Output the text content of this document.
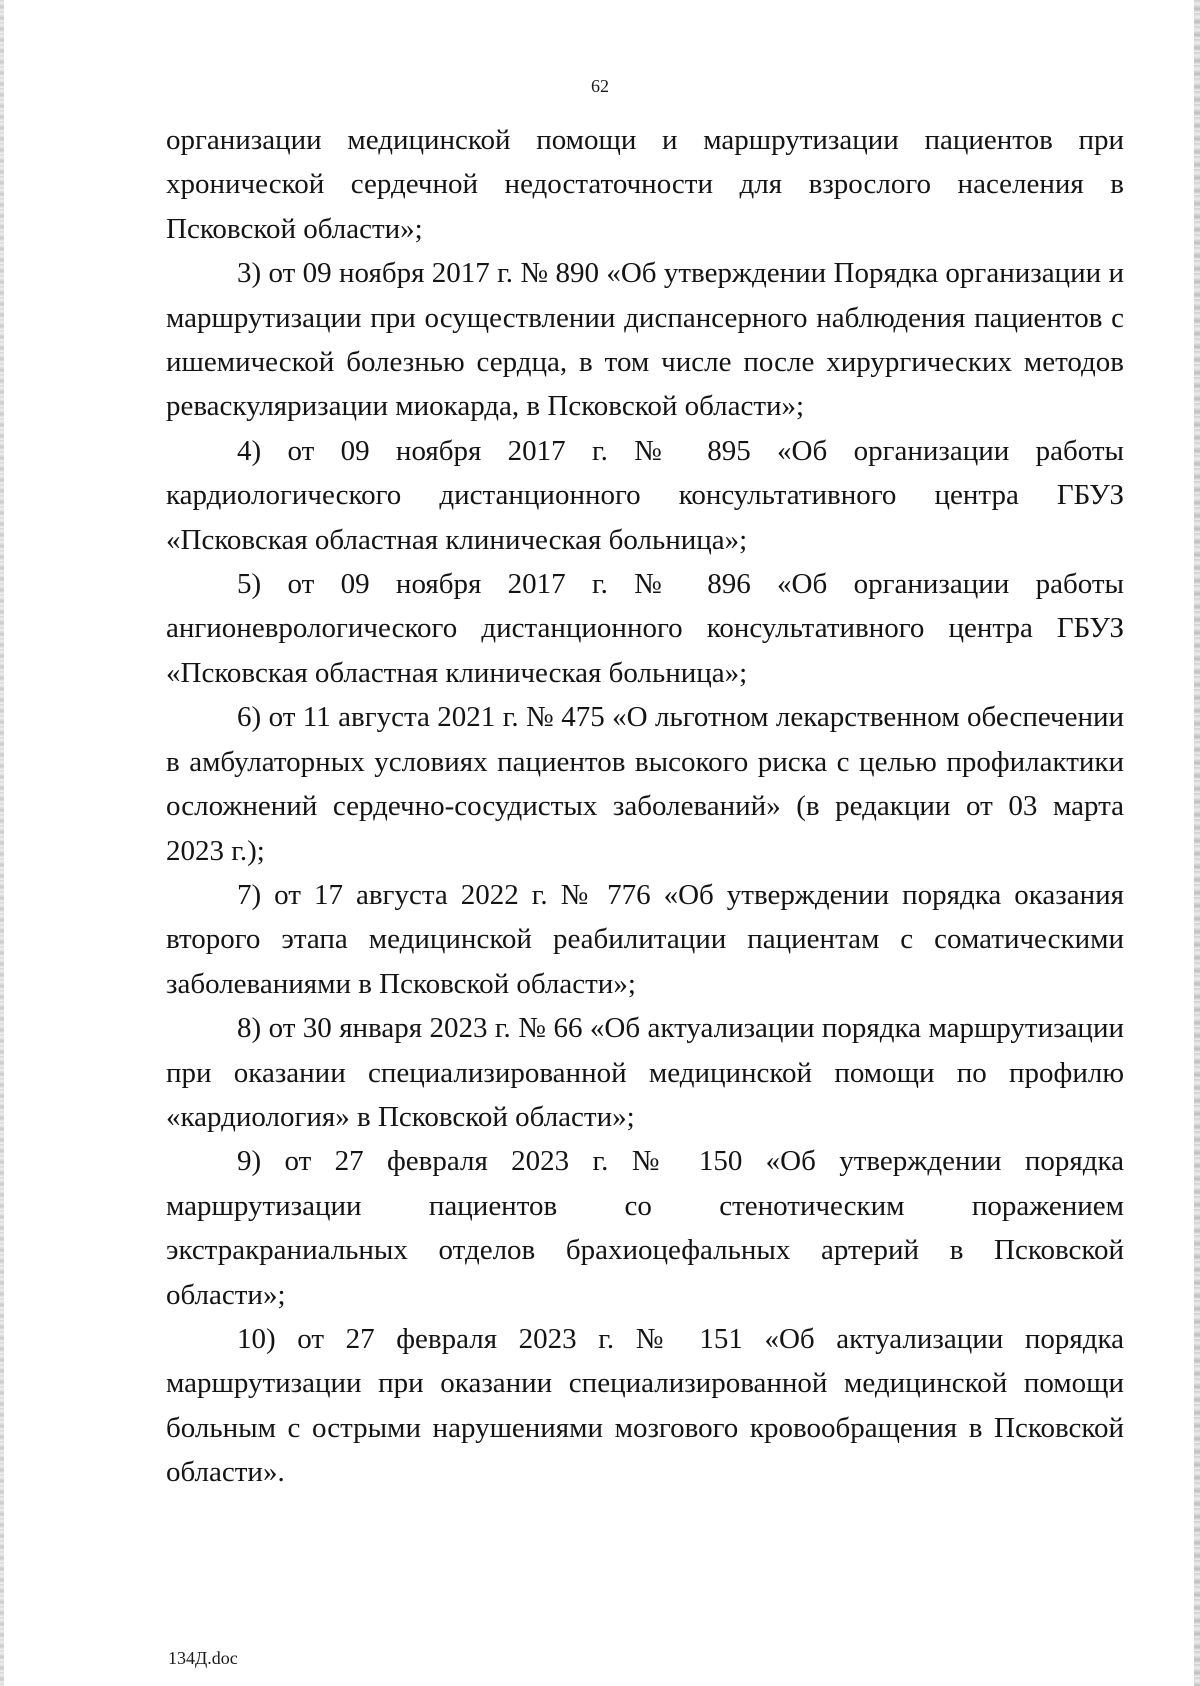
62

организации медицинской помощи и маршрутизации пациентов при хронической сердечной недостаточности для взрослого населения в Псковской области»;

3) от 09 ноября 2017 г. № 890 «Об утверждении Порядка организации и маршрутизации при осуществлении диспансерного наблюдения пациентов с ишемической болезнью сердца, в том числе после хирургических методов реваскуляризации миокарда, в Псковской области»;

4) от 09 ноября 2017 г. № 895 «Об организации работы кардиологического дистанционного консультативного центра ГБУЗ «Псковская областная клиническая больница»;

5) от 09 ноября 2017 г. № 896 «Об организации работы ангионеврологического дистанционного консультативного центра ГБУЗ «Псковская областная клиническая больница»;

6) от 11 августа 2021 г. № 475 «О льготном лекарственном обеспечении в амбулаторных условиях пациентов высокого риска с целью профилактики осложнений сердечно-сосудистых заболеваний» (в редакции от 03 марта 2023 г.);

7) от 17 августа 2022 г. № 776 «Об утверждении порядка оказания второго этапа медицинской реабилитации пациентам с соматическими заболеваниями в Псковской области»;

8) от 30 января 2023 г. № 66 «Об актуализации порядка маршрутизации при оказании специализированной медицинской помощи по профилю «кардиология» в Псковской области»;

9) от 27 февраля 2023 г. № 150 «Об утверждении порядка маршрутизации пациентов со стенотическим поражением экстракраниальных отделов брахиоцефальных артерий в Псковской области»;

10) от 27 февраля 2023 г. № 151 «Об актуализации порядка маршрутизации при оказании специализированной медицинской помощи больным с острыми нарушениями мозгового кровообращения в Псковской области».

134Д.doc
